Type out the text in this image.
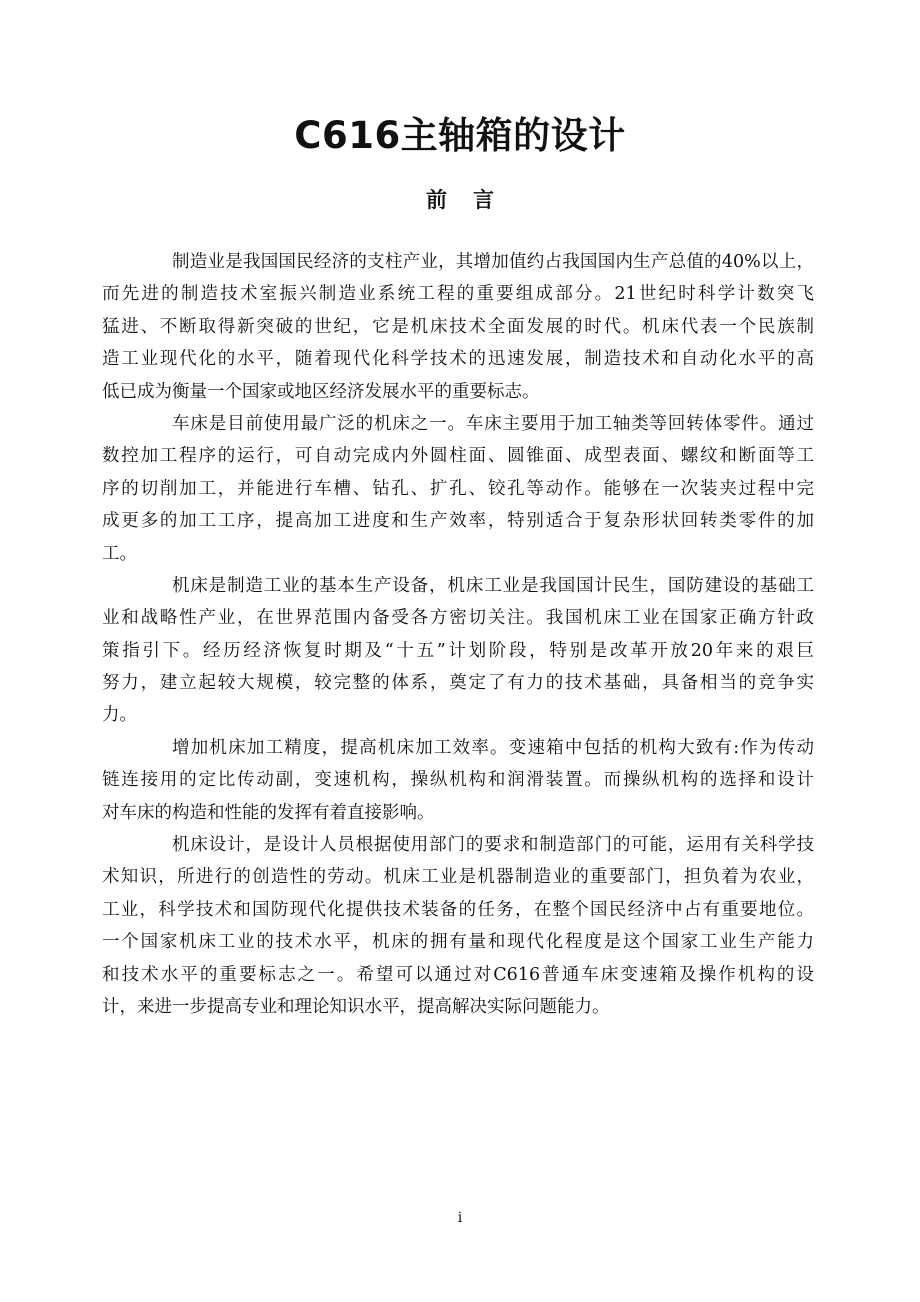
C616主轴箱的设计
前言
制造业是我国国民经济的支柱产业，其增加值约占我国国内生产总值的40%以上，
而先进的制造技术室振兴制造业系统工程的重要组成部分。21世纪时科学计数突飞
猛进、不断取得新突破的世纪，它是机床技术全面发展的时代。机床代表一个民族制
造工业现代化的水平，随着现代化科学技术的迅速发展，制造技术和自动化水平的高
低已成为衡量一个国家或地区经济发展水平的重要标志。
车床是目前使用最广泛的机床之一。车床主要用于加工轴类等回转体零件。通过
数控加工程序的运行，可自动完成内外圆柱面、圆锥面、成型表面、螺纹和断面等工
序的切削加工，并能进行车槽、钻孔、扩孔、铰孔等动作。能够在一次装夹过程中完
成更多的加工工序，提高加工进度和生产效率，特别适合于复杂形状回转类零件的加
工。
机床是制造工业的基本生产设备，机床工业是我国国计民生，国防建设的基础工
业和战略性产业，在世界范围内备受各方密切关注。我国机床工业在国家正确方针政
策指引下。经历经济恢复时期及“十五”计划阶段，特别是改革开放20年来的艰巨
努力，建立起较大规模，较完整的体系，奠定了有力的技术基础，具备相当的竞争实
力。
增加机床加工精度，提高机床加工效率。变速箱中包括的机构大致有:作为传动
链连接用的定比传动副，变速机构，操纵机构和润滑装置。而操纵机构的选择和设计
对车床的构造和性能的发挥有着直接影响。
机床设计，是设计人员根据使用部门的要求和制造部门的可能，运用有关科学技
术知识，所进行的创造性的劳动。机床工业是机器制造业的重要部门，担负着为农业，
工业，科学技术和国防现代化提供技术装备的任务，在整个国民经济中占有重要地位。
一个国家机床工业的技术水平，机床的拥有量和现代化程度是这个国家工业生产能力
和技术水平的重要标志之一。希望可以通过对C616普通车床变速箱及操作机构的设
计，来进一步提高专业和理论知识水平，提高解决实际问题能力。
i
